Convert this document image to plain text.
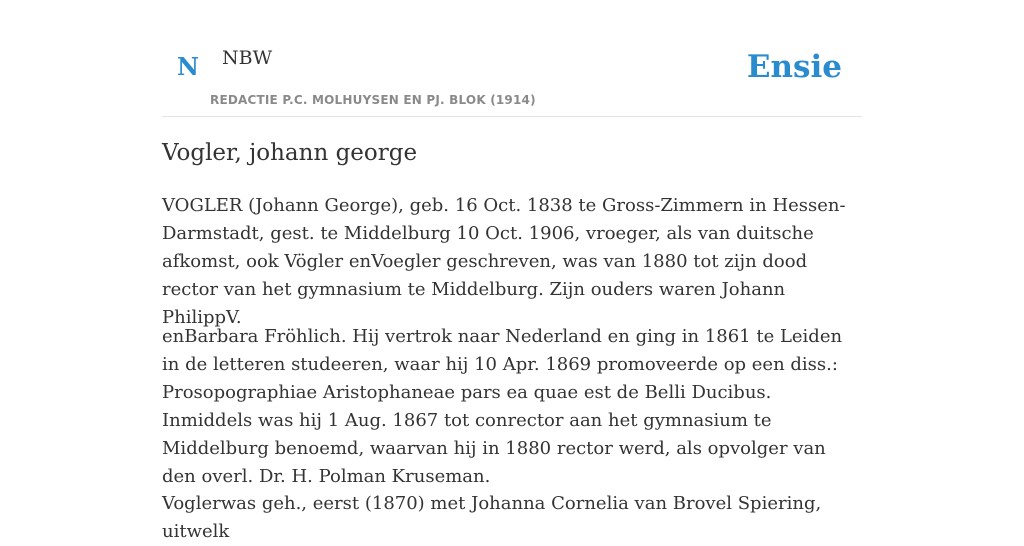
N NBW
REDACTIE P.C. MOLHUYSEN EN PJ. BLOK (1914)
Ensie
Vogler, johann george

VOGLER (Johann George), geb. 16 Oct. 1838 te Gross-Zimmern in Hessen-Darmstadt, gest. te Middelburg 10 Oct. 1906, vroeger, als van duitsche afkomst, ook Vögler enVoegler geschreven, was van 1880 tot zijn dood rector van het gymnasium te Middelburg. Zijn ouders waren Johann PhilippV.

enBarbara Fröhlich. Hij vertrok naar Nederland en ging in 1861 te Leiden in de letteren studeeren, waar hij 10 Apr. 1869 promoveerde op een diss.: Prosopographiae Aristophaneae pars ea quae est de Belli Ducibus. Inmiddels was hij 1 Aug. 1867 tot conrector aan het gymnasium te Middelburg benoemd, waarvan hij in 1880 rector werd, als opvolger van den overl. Dr. H. Polman Kruseman.

Voglerwas geh., eerst (1870) met Johanna Cornelia van Brovel Spiering, uitwelk
